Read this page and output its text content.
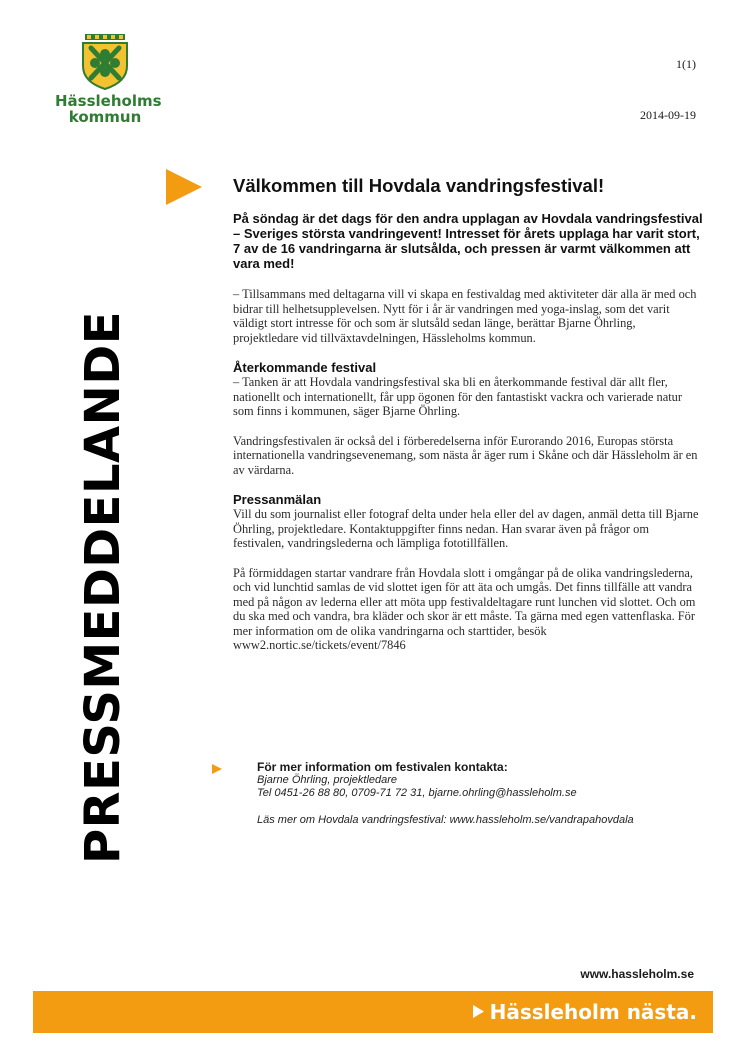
Hässleholms
kommun
1(1)
2014-09-19
PRESSMEDDELANDE
Välkommen till Hovdala vandringsfestival!

På söndag är det dags för den andra upplagan av Hovdala vandringsfestival – Sveriges största vandringevent! Intresset för årets upplaga har varit stort, 7 av de 16 vandringarna är slutsålda, och pressen är varmt välkommen att vara med!

– Tillsammans med deltagarna vill vi skapa en festivaldag med aktiviteter där alla är med och bidrar till helhetsupplevelsen. Nytt för i år är vandringen med yoga-inslag, som det varit väldigt stort intresse för och som är slutsåld sedan länge, berättar Bjarne Öhrling, projektledare vid tillväxtavdelningen, Hässleholms kommun.

Återkommande festival

– Tanken är att Hovdala vandringsfestival ska bli en återkommande festival där allt fler, nationellt och internationellt, får upp ögonen för den fantastiskt vackra och varierade natur som finns i kommunen, säger Bjarne Öhrling.

Vandringsfestivalen är också del i förberedelserna inför Eurorando 2016, Europas största internationella vandringsevenemang, som nästa år äger rum i Skåne och där Hässleholm är en av värdarna.

Pressanmälan

Vill du som journalist eller fotograf delta under hela eller del av dagen, anmäl detta till Bjarne Öhrling, projektledare. Kontaktuppgifter finns nedan. Han svarar även på frågor om festivalen, vandringslederna och lämpliga fototillfällen.

På förmiddagen startar vandrare från Hovdala slott i omgångar på de olika vandringslederna, och vid lunchtid samlas de vid slottet igen för att äta och umgås. Det finns tillfälle att vandra med på någon av lederna eller att möta upp festivaldeltagare runt lunchen vid slottet. Och om du ska med och vandra, bra kläder och skor är ett måste. Ta gärna med egen vattenflaska. För mer information om de olika vandringarna och starttider, besök www2.nortic.se/tickets/event/7846

För mer information om festivalen kontakta:
Bjarne Öhrling, projektledare
Tel 0451-26 88 80, 0709-71 72 31, bjarne.ohrling@hassleholm.se
Läs mer om Hovdala vandringsfestival: www.hassleholm.se/vandrapahovdala
www.hassleholm.se
Hässleholm nästa.
